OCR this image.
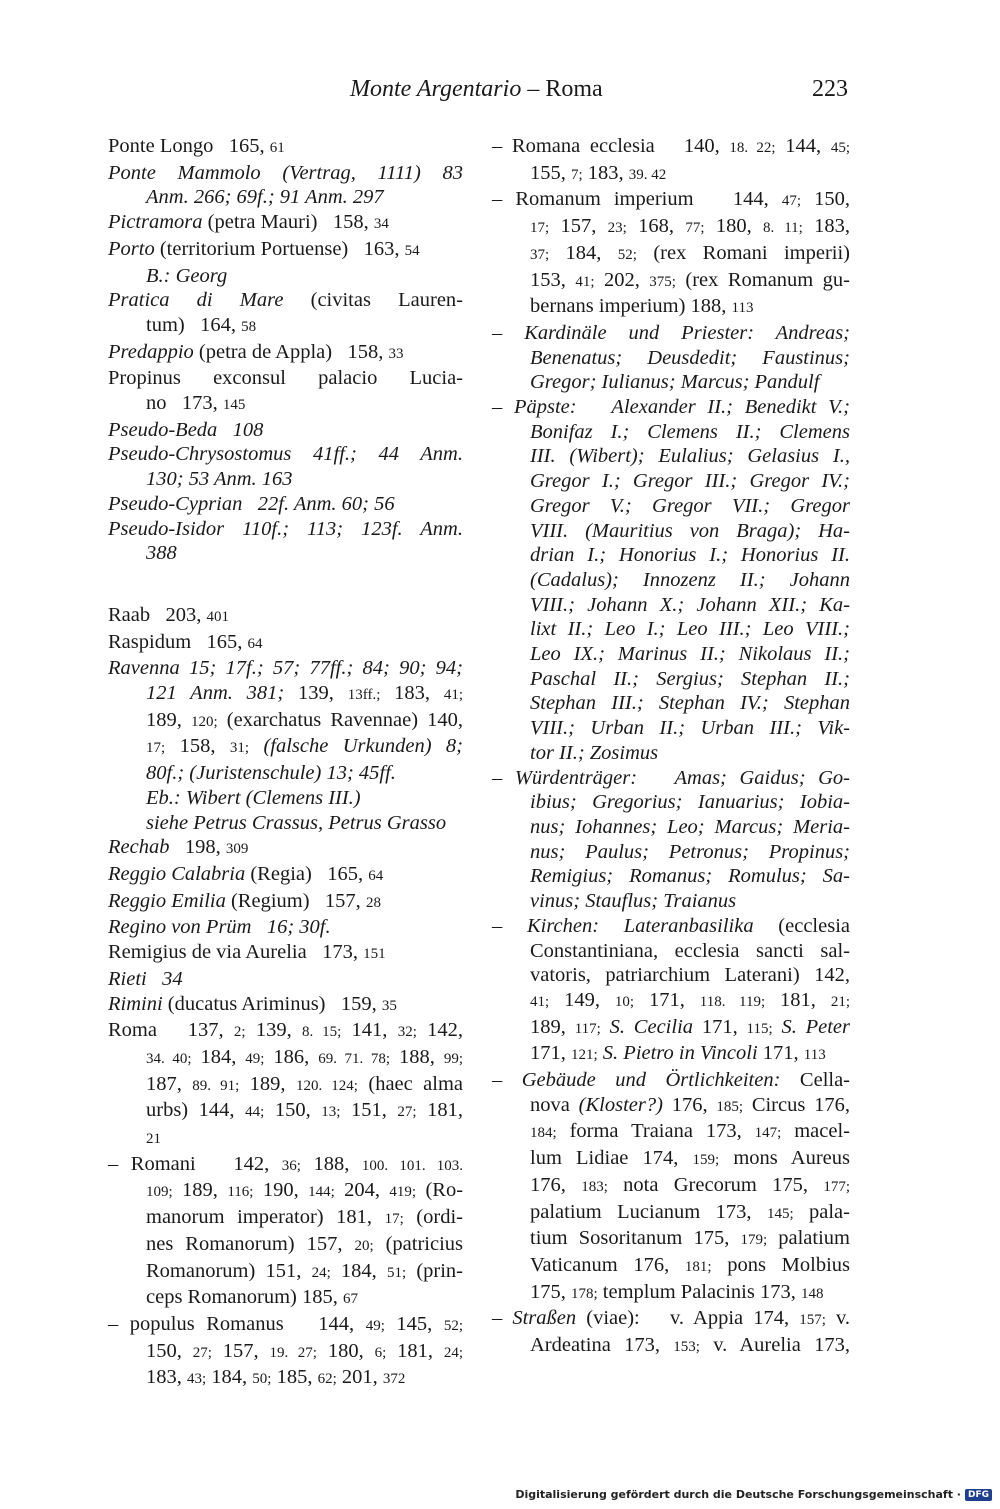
Monte Argentario – Roma	223
Ponte Longo   165, 61
Ponte Mammolo (Vertrag, 1111) 83
Anm. 266; 69f.; 91 Anm. 297
Pictramora (petra Mauri)   158, 34
Porto (territorium Portuense)   163, 54
B.: Georg
Pratica di Mare (civitas Lauren-
tum)   164, 58
Predappio (petra de Appla)   158, 33
Propinus exconsul palacio Lucia-
no   173, 145
Pseudo-Beda   108
Pseudo-Chrysostomus 41ff.; 44 Anm.
130; 53 Anm. 163
Pseudo-Cyprian   22f. Anm. 60; 56
Pseudo-Isidor 110f.; 113; 123f. Anm.
388
Raab   203, 401
Raspidum   165, 64
Ravenna 15; 17f.; 57; 77ff.; 84; 90; 94;
121 Anm. 381; 139, 13ff.; 183, 41;
189, 120; (exarchatus Ravennae) 140,
17; 158, 31; (falsche Urkunden) 8;
80f.; (Juristenschule) 13; 45ff.
Eb.: Wibert (Clemens III.)
siehe Petrus Crassus, Petrus Grasso
Rechab   198, 309
Reggio Calabria (Regia)   165, 64
Reggio Emilia (Regium)   157, 28
Regino von Prüm   16; 30f.
Remigius de via Aurelia   173, 151
Rieti   34
Rimini (ducatus Ariminus)   159, 35
Roma   137, 2; 139, 8. 15; 141, 32; 142,
34. 40; 184, 49; 186, 69. 71. 78; 188, 99;
187, 89. 91; 189, 120. 124; (haec alma
urbs) 144, 44; 150, 13; 151, 27; 181,
21
– Romani   142, 36; 188, 100. 101. 103.
109; 189, 116; 190, 144; 204, 419; (Ro-
manorum imperator) 181, 17; (ordi-
nes Romanorum) 157, 20; (patricius
Romanorum) 151, 24; 184, 51; (prin-
ceps Romanorum) 185, 67
– populus Romanus   144, 49; 145, 52;
150, 27; 157, 19. 27; 180, 6; 181, 24;
183, 43; 184, 50; 185, 62; 201, 372
– Romana ecclesia   140, 18. 22; 144, 45;
155, 7; 183, 39. 42
– Romanum imperium   144, 47; 150,
17; 157, 23; 168, 77; 180, 8. 11; 183,
37; 184, 52; (rex Romani imperii)
153, 41; 202, 375; (rex Romanum gu-
bernans imperium) 188, 113
– Kardinäle und Priester: Andreas;
Benenatus; Deusdedit; Faustinus;
Gregor; Iulianus; Marcus; Pandulf
– Päpste:   Alexander II.; Benedikt V.;
Bonifaz I.; Clemens II.; Clemens
III. (Wibert); Eulalius; Gelasius I.,
Gregor I.; Gregor III.; Gregor IV.;
Gregor V.; Gregor VII.; Gregor
VIII. (Mauritius von Braga); Ha-
drian I.; Honorius I.; Honorius II.
(Cadalus); Innozenz II.; Johann
VIII.; Johann X.; Johann XII.; Ka-
lixt II.; Leo I.; Leo III.; Leo VIII.;
Leo IX.; Marinus II.; Nikolaus II.;
Paschal II.; Sergius; Stephan II.;
Stephan III.; Stephan IV.; Stephan
VIII.; Urban II.; Urban III.; Vik-
tor II.; Zosimus
– Würdenträger:   Amas; Gaidus; Go-
ibius; Gregorius; Ianuarius; Iobia-
nus; Iohannes; Leo; Marcus; Meria-
nus; Paulus; Petronus; Propinus;
Remigius; Romanus; Romulus; Sa-
vinus; Stauflus; Traianus
– Kirchen: Lateranbasilika (ecclesia
Constantiniana, ecclesia sancti sal-
vatoris, patriarchium Laterani) 142,
41; 149, 10; 171, 118. 119; 181, 21;
189, 117; S. Cecilia 171, 115; S. Peter
171, 121; S. Pietro in Vincoli 171, 113
– Gebäude und Örtlichkeiten: Cella-
nova (Kloster?) 176, 185; Circus 176,
184; forma Traiana 173, 147; macel-
lum Lidiae 174, 159; mons Aureus
176, 183; nota Grecorum 175, 177;
palatium Lucianum 173, 145; pala-
tium Sosoritanum 175, 179; palatium
Vaticanum 176, 181; pons Molbius
175, 178; templum Palacinis 173, 148
– Straßen (viae):   v. Appia 174, 157; v.
Ardeatina 173, 153; v. Aurelia 173,
Digitalisierung gefördert durch die Deutsche Forschungsgemeinschaft · DFG
